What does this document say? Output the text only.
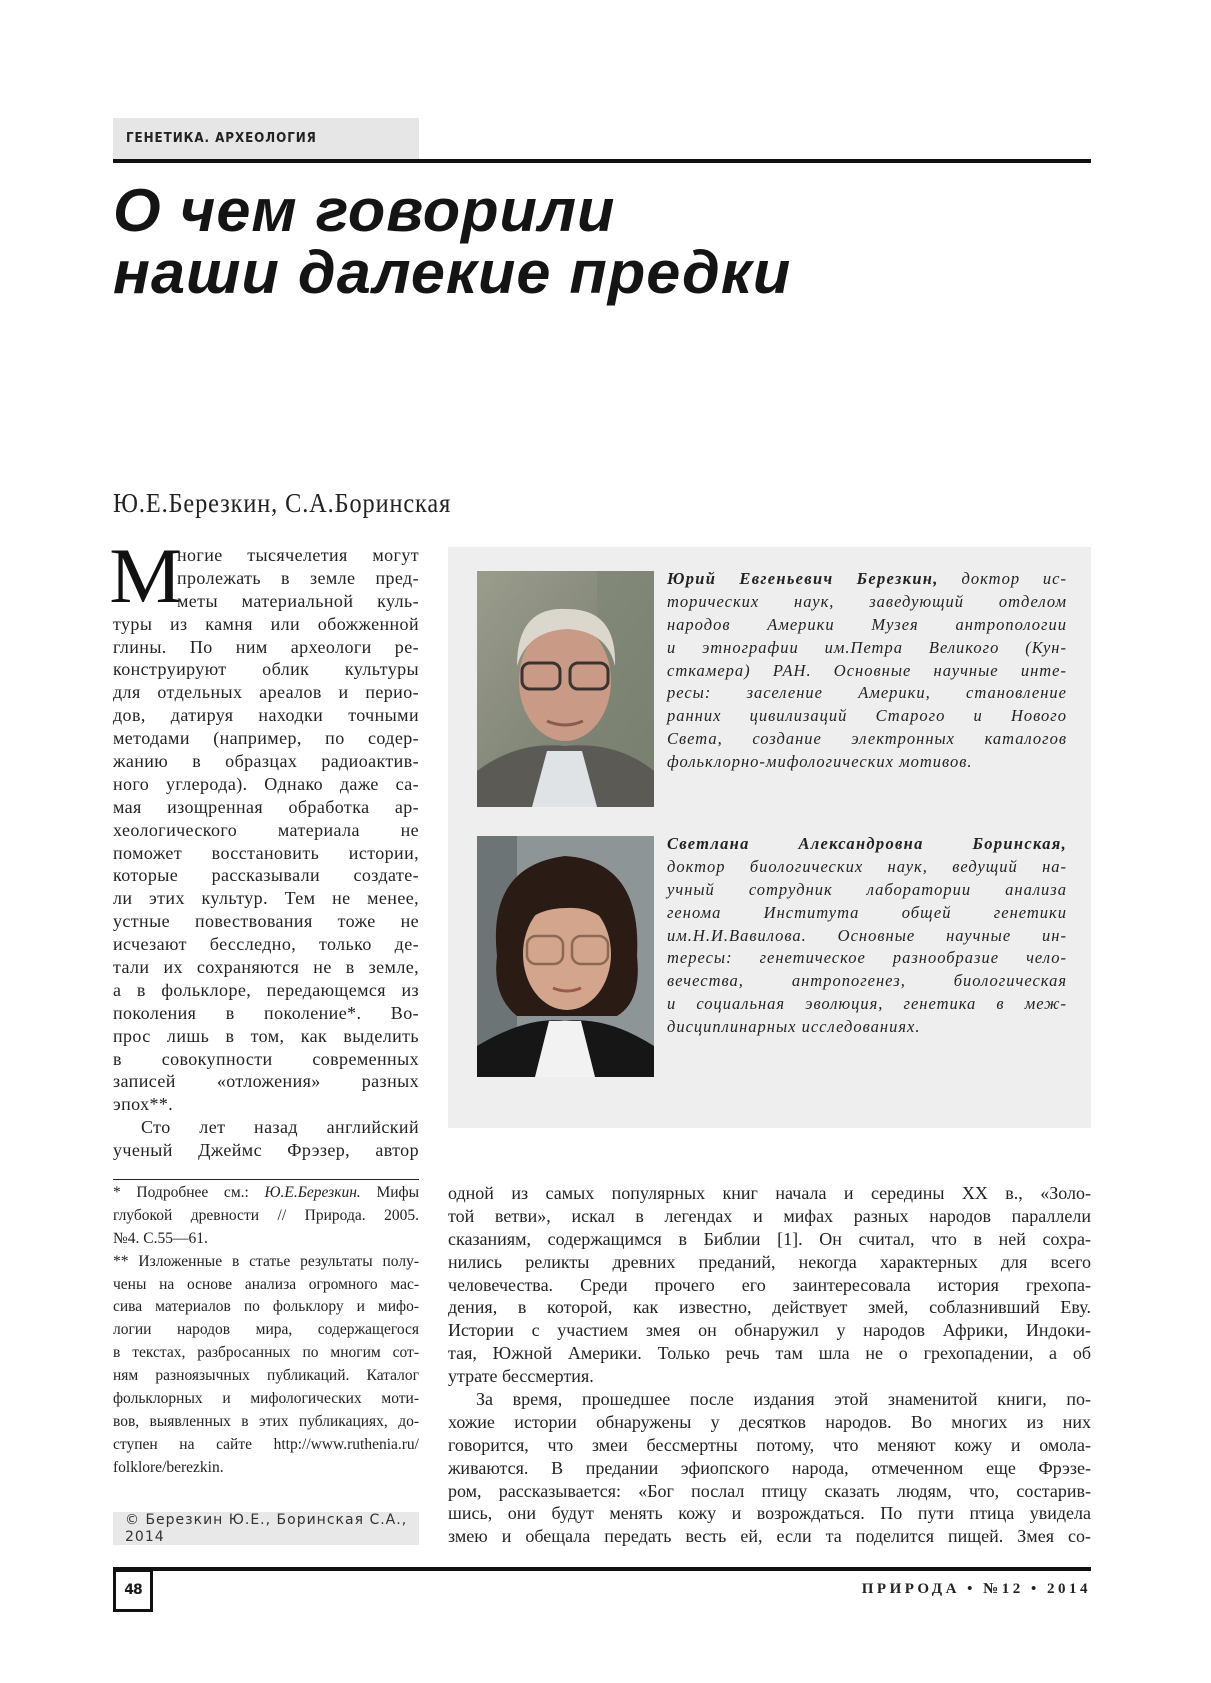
ГЕНЕТИКА. АРХЕОЛОГИЯ
О чем говорили
наши далекие предки
Ю.Е.Березкин, С.А.Боринская
М
ногие тысячелетия могут
пролежать в земле пред-
меты материальной куль-
туры из камня или обожженной
глины. По ним археологи ре-
конструируют облик культуры
для отдельных ареалов и перио-
дов, датируя находки точными
методами (например, по содер-
жанию в образцах радиоактив-
ного углерода). Однако даже са-
мая изощренная обработка ар-
хеологического материала не
поможет восстановить истории,
которые рассказывали создате-
ли этих культур. Тем не менее,
устные повествования тоже не
исчезают бесследно, только де-
тали их сохраняются не в земле,
а в фольклоре, передающемся из
поколения в поколение*. Во-
прос лишь в том, как выделить
в совокупности современных
записей «отложения» разных
эпох**.
Сто лет назад английский
ученый Джеймс Фрэзер, автор
Юрий Евгеньевич Березкин, доктор ис-
торических наук, заведующий отделом
народов Америки Музея антропологии
и этнографии им.Петра Великого (Кун-
сткамера) РАН. Основные научные инте-
ресы: заселение Америки, становление
ранних цивилизаций Старого и Нового
Света, создание электронных каталогов
фольклорно-мифологических мотивов.
Светлана Александровна Боринская,
доктор биологических наук, ведущий на-
учный сотрудник лаборатории анализа
генома Института общей генетики
им.Н.И.Вавилова. Основные научные ин-
тересы: генетическое разнообразие чело-
вечества, антропогенез, биологическая
и социальная эволюция, генетика в меж-
дисциплинарных исследованиях.
* Подробнее см.: Ю.Е.Березкин. Мифы
глубокой древности // Природа. 2005.
№4. С.55—61.
** Изложенные в статье результаты полу-
чены на основе анализа огромного мас-
сива материалов по фольклору и мифо-
логии народов мира, содержащегося
в текстах, разбросанных по многим сот-
ням разноязычных публикаций. Каталог
фольклорных и мифологических моти-
вов, выявленных в этих публикациях, до-
ступен на сайте http://www.ruthenia.ru/
folklore/berezkin.
© Березкин Ю.Е., Боринская С.А.,
2014
одной из самых популярных книг начала и середины XX в., «Золо-
той ветви», искал в легендах и мифах разных народов параллели
сказаниям, содержащимся в Библии [1]. Он считал, что в ней сохра-
нились реликты древних преданий, некогда характерных для всего
человечества. Среди прочего его заинтересовала история грехопа-
дения, в которой, как известно, действует змей, соблазнивший Еву.
Истории с участием змея он обнаружил у народов Африки, Индоки-
тая, Южной Америки. Только речь там шла не о грехопадении, а об
утрате бессмертия.
За время, прошедшее после издания этой знаменитой книги, по-
хожие истории обнаружены у десятков народов. Во многих из них
говорится, что змеи бессмертны потому, что меняют кожу и омола-
живаются. В предании эфиопского народа, отмеченном еще Фрэзе-
ром, рассказывается: «Бог послал птицу сказать людям, что, состарив-
шись, они будут менять кожу и возрождаться. По пути птица увидела
змею и обещала передать весть ей, если та поделится пищей. Змея со-
48	ПРИРОДА • №12 • 2014
